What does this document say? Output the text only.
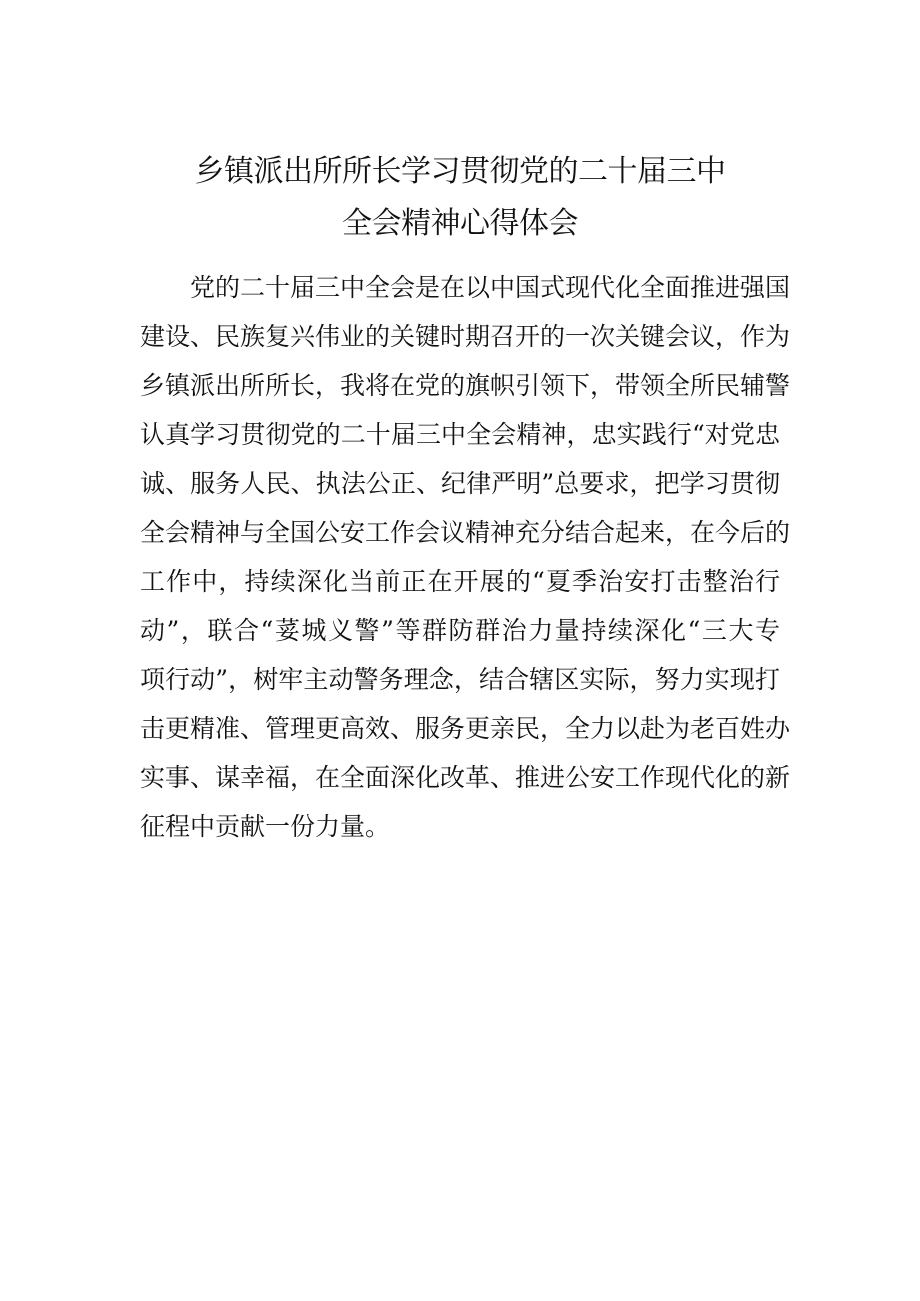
乡镇派出所所长学习贯彻党的二十届三中
全会精神心得体会
党的二十届三中全会是在以中国式现代化全面推进强国
建设、民族复兴伟业的关键时期召开的一次关键会议，作为
乡镇派出所所长，我将在党的旗帜引领下，带领全所民辅警
认真学习贯彻党的二十届三中全会精神，忠实践行“对党忠
诚、服务人民、执法公正、纪律严明”总要求，把学习贯彻
全会精神与全国公安工作会议精神充分结合起来，在今后的
工作中，持续深化当前正在开展的“夏季治安打击整治行
动”，联合“荽城义警”等群防群治力量持续深化“三大专
项行动”，树牢主动警务理念，结合辖区实际，努力实现打
击更精准、管理更高效、服务更亲民，全力以赴为老百姓办
实事、谋幸福，在全面深化改革、推进公安工作现代化的新
征程中贡献一份力量。
